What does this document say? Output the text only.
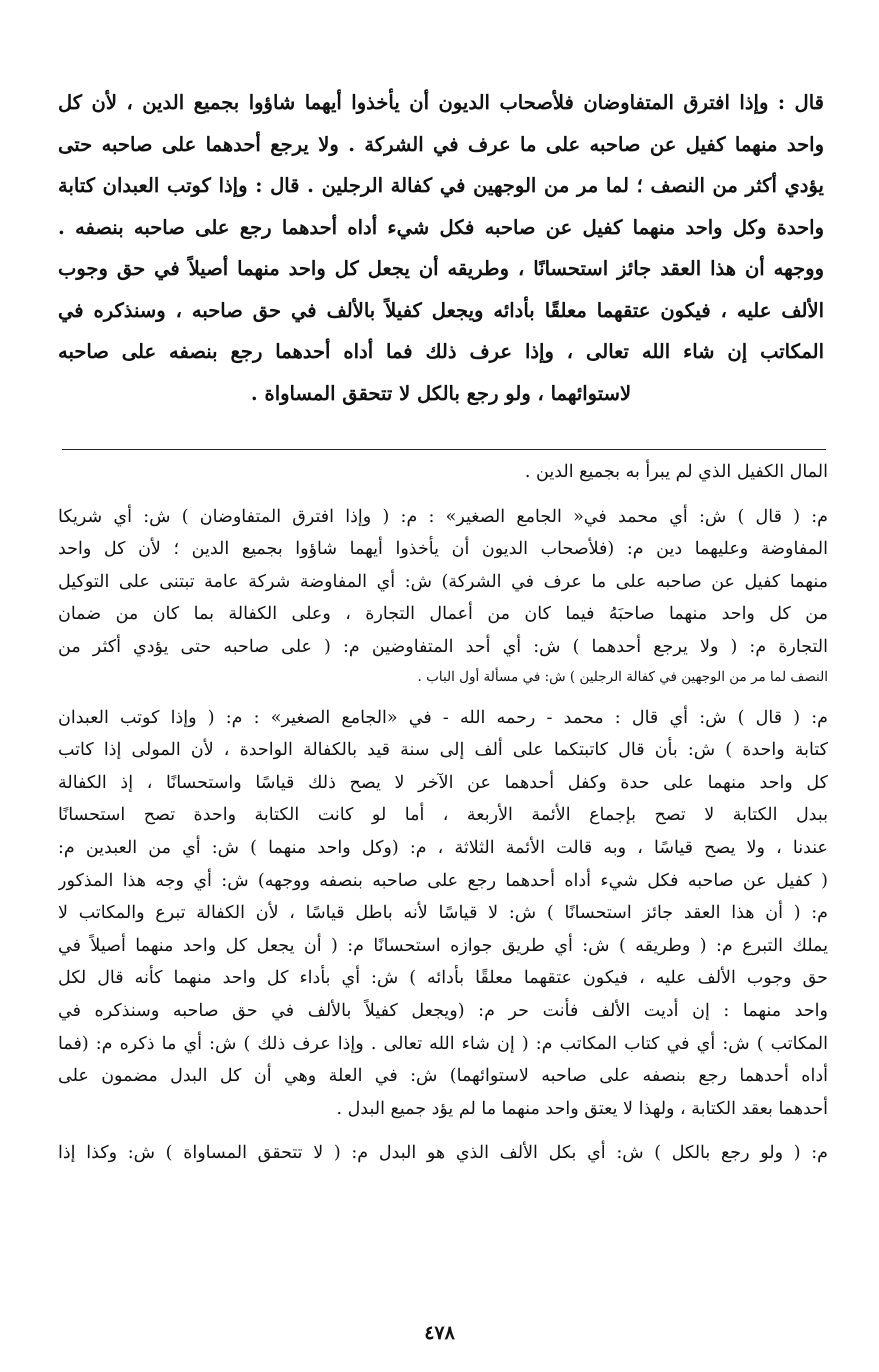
قال : وإذا افترق المتفاوضان فلأصحاب الديون أن يأخذوا أيهما شاؤوا بجميع الدين ، لأن كل
واحد منهما كفيل عن صاحبه على ما عرف في الشركة . ولا يرجع أحدهما على صاحبه حتى
يؤدي أكثر من النصف ؛ لما مر من الوجهين في كفالة الرجلين . قال : وإذا كوتب العبدان كتابة
واحدة وكل واحد منهما كفيل عن صاحبه فكل شيء أداه أحدهما رجع على صاحبه بنصفه .
ووجهه أن هذا العقد جائز استحسانًا ، وطريقه أن يجعل كل واحد منهما أصيلاً في حق وجوب
الألف عليه ، فيكون عتقهما معلقًا بأدائه ويجعل كفيلاً بالألف في حق صاحبه ، وسنذكره في
المكاتب إن شاء الله تعالى ، وإذا عرف ذلك فما أداه أحدهما رجع بنصفه على صاحبه
لاستوائهما ، ولو رجع بالكل لا تتحقق المساواة .
المال الكفيل الذي لم يبرأ به بجميع الدين .
م: ( قال ) ش: أي محمد في« الجامع الصغير» : م: ( وإذا افترق المتفاوضان ) ش: أي شريكا
المفاوضة وعليهما دين م: (فلأصحاب الديون أن يأخذوا أيهما شاؤوا بجميع الدين ؛ لأن كل واحد
منهما كفيل عن صاحبه على ما عرف في الشركة) ش: أي المفاوضة شركة عامة تبتنى على التوكيل
من كل واحد منهما صاحبَهُ فيما كان من أعمال التجارة ، وعلى الكفالة بما كان من ضمان
التجارة م: ( ولا يرجع أحدهما ) ش: أي أحد المتفاوضين م: ( على صاحبه حتى يؤدي أكثر من
النصف لما مر من الوجهين في كفالة الرجلين ) ش: في مسألة أول الباب .
م: ( قال ) ش: أي قال : محمد - رحمه الله - في «الجامع الصغير» : م: ( وإذا كوتب العبدان
كتابة واحدة ) ش: بأن قال كاتبتكما على ألف إلى سنة قيد بالكفالة الواحدة ، لأن المولى إذا كاتب
كل واحد منهما على حدة وكفل أحدهما عن الآخر لا يصح ذلك قياسًا واستحسانًا ، إذ الكفالة
ببدل الكتابة لا تصح بإجماع الأئمة الأربعة ، أما لو كانت الكتابة واحدة تصح استحسانًا
عندنا ، ولا يصح قياسًا ، وبه قالت الأئمة الثلاثة ، م: (وكل واحد منهما ) ش: أي من العبدين م:
( كفيل عن صاحبه فكل شيء أداه أحدهما رجع على صاحبه بنصفه ووجهه) ش: أي وجه هذا المذكور
م: ( أن هذا العقد جائز استحسانًا ) ش: لا قياسًا لأنه باطل قياسًا ، لأن الكفالة تبرع والمكاتب لا
يملك التبرع م: ( وطريقه ) ش: أي طريق جوازه استحسانًا م: ( أن يجعل كل واحد منهما أصيلاً في
حق وجوب الألف عليه ، فيكون عتقهما معلقًا بأدائه ) ش: أي بأداء كل واحد منهما كأنه قال لكل
واحد منهما : إن أديت الألف فأنت حر م: (ويجعل كفيلاً بالألف في حق صاحبه وسنذكره في
المكاتب ) ش: أي في كتاب المكاتب م: ( إن شاء الله تعالى . وإذا عرف ذلك ) ش: أي ما ذكره م: (فما
أداه أحدهما رجع بنصفه على صاحبه لاستوائهما) ش: في العلة وهي أن كل البدل مضمون على
أحدهما بعقد الكتابة ، ولهذا لا يعتق واحد منهما ما لم يؤد جميع البدل .
م: ( ولو رجع بالكل ) ش: أي بكل الألف الذي هو البدل م: ( لا تتحقق المساواة ) ش: وكذا إذا
٤٧٨
